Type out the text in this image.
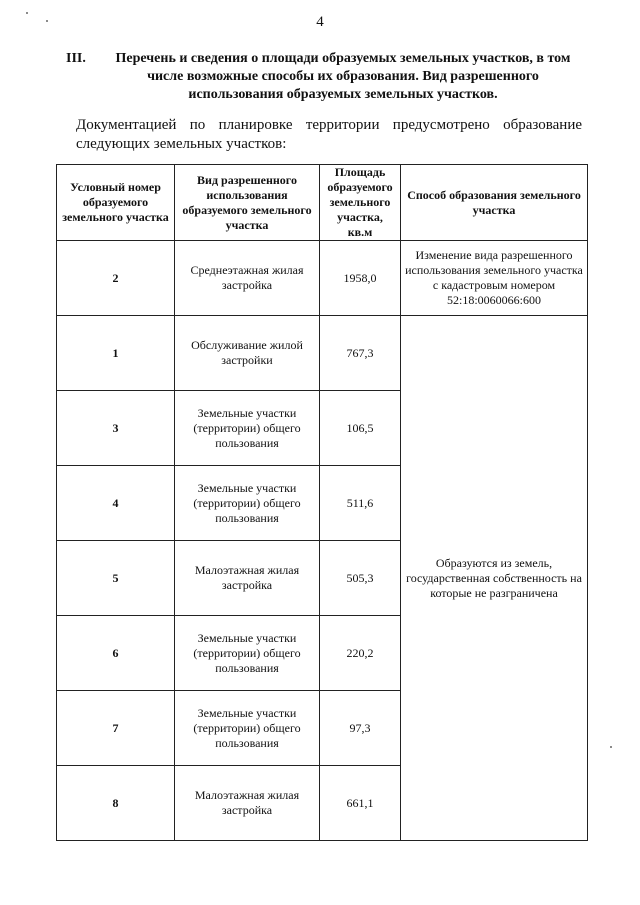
4
III.	Перечень и сведения о площади образуемых земельных участков, в том числе возможные способы их образования. Вид разрешенного использования образуемых земельных участков.
Документацией по планировке территории предусмотрено образование следующих земельных участков:
Условный номер образуемого земельного участка	Вид разрешенного использования образуемого земельного участка	Площадь образуемого земельного участка, кв.м	Способ образования земельного участка
2	Среднеэтажная жилая застройка	1958,0	Изменение вида разрешенного использования земельного участка с кадастровым номером 52:18:0060066:600
1	Обслуживание жилой застройки	767,3	Образуются из земель, государственная собственность на которые не разграничена
3	Земельные участки (территории) общего пользования	106,5	
4	Земельные участки (территории) общего пользования	511,6	
5	Малоэтажная жилая застройка	505,3	
6	Земельные участки (территории) общего пользования	220,2	
7	Земельные участки (территории) общего пользования	97,3	
8	Малоэтажная жилая застройка	661,1	
